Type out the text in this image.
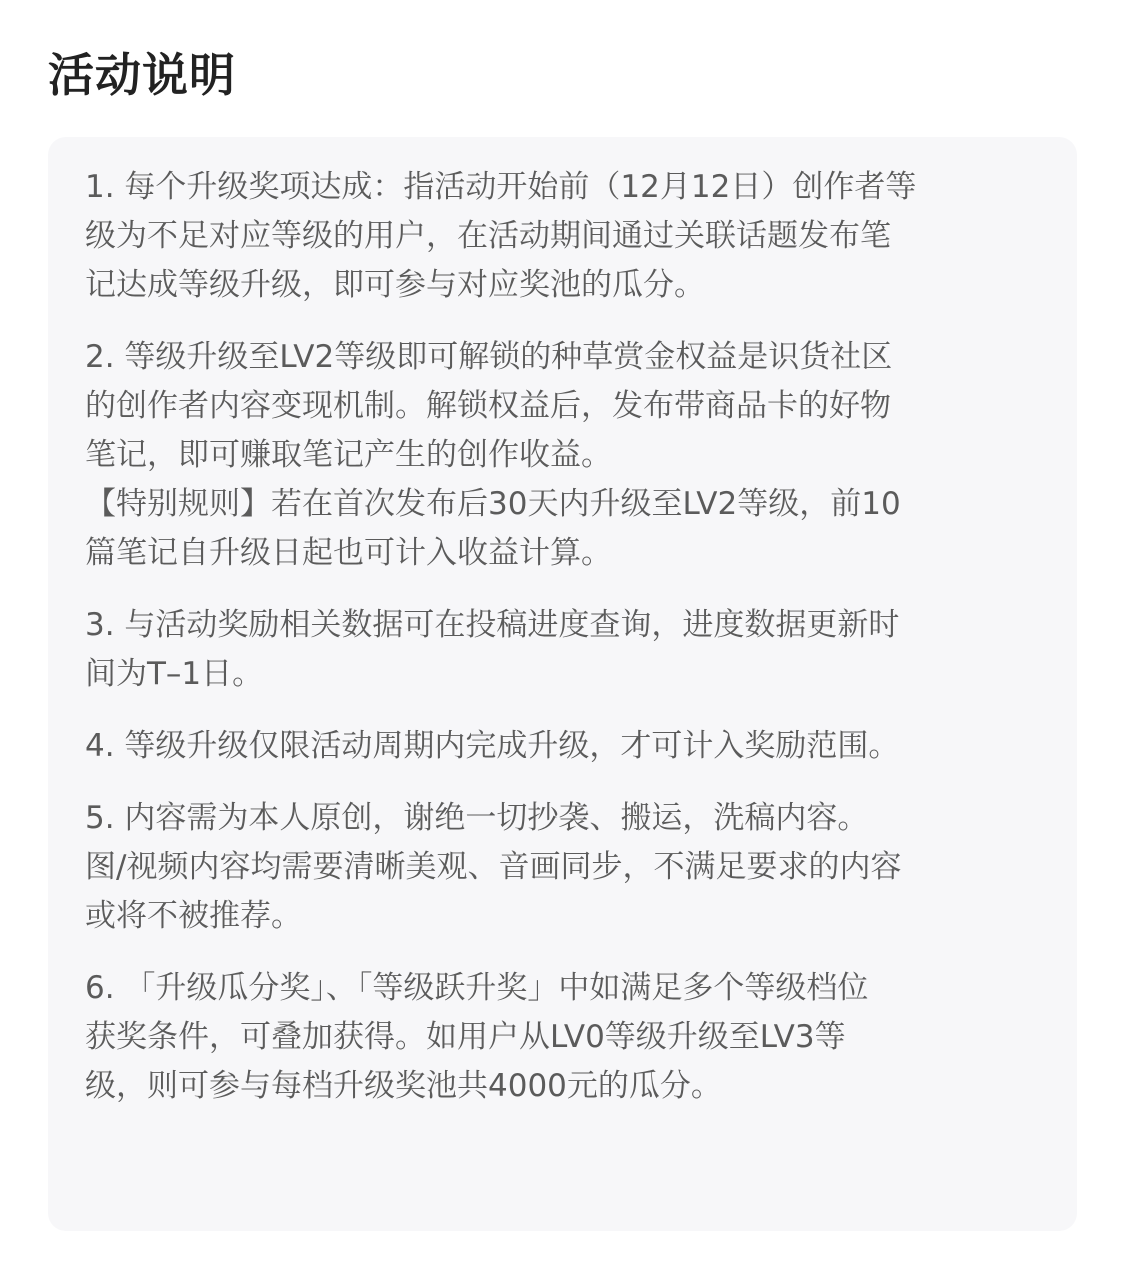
活动说明

1. 每个升级奖项达成：指活动开始前（12月12日）创作者等
级为不足对应等级的用户，在活动期间通过关联话题发布笔
记达成等级升级，即可参与对应奖池的瓜分。

2. 等级升级至LV2等级即可解锁的种草赏金权益是识货社区
的创作者内容变现机制。解锁权益后，发布带商品卡的好物
笔记，即可赚取笔记产生的创作收益。
【特别规则】若在首次发布后30天内升级至LV2等级，前10
篇笔记自升级日起也可计入收益计算。

3. 与活动奖励相关数据可在投稿进度查询，进度数据更新时
间为T–1日。

4. 等级升级仅限活动周期内完成升级，才可计入奖励范围。

5. 内容需为本人原创，谢绝一切抄袭、搬运，洗稿内容。
图/视频内容均需要清晰美观、音画同步，不满足要求的内容
或将不被推荐。

6. 「升级瓜分奖」、「等级跃升奖」中如满足多个等级档位
获奖条件，可叠加获得。如用户从LV0等级升级至LV3等
级，则可参与每档升级奖池共4000元的瓜分。
